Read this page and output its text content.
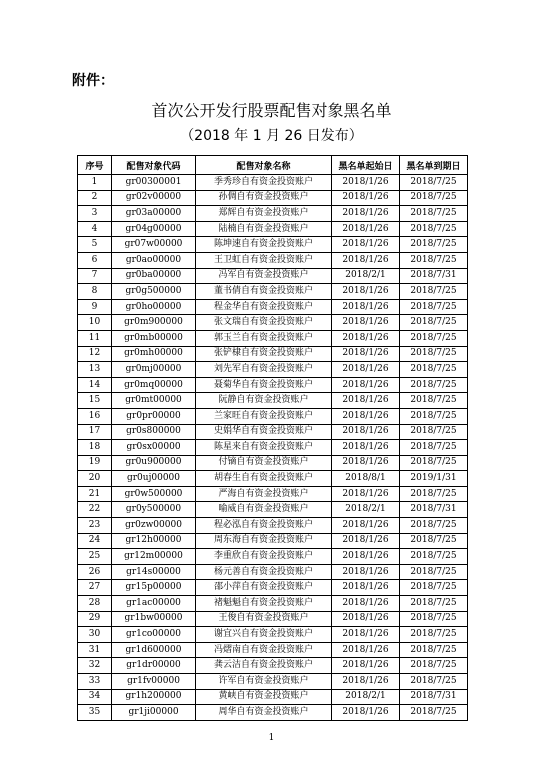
附件：
首次公开发行股票配售对象黑名单
（2018 年 1 月 26 日发布）
序号	配售对象代码	配售对象名称	黑名单起始日	黑名单到期日
1	gr00300001	季秀珍自有资金投资账户	2018/1/26	2018/7/25
2	gr02v00000	孙倜自有资金投资账户	2018/1/26	2018/7/25
3	gr03a00000	郑辉自有资金投资账户	2018/1/26	2018/7/25
4	gr04g00000	陆楠自有资金投资账户	2018/1/26	2018/7/25
5	gr07w00000	陈坤速自有资金投资账户	2018/1/26	2018/7/25
6	gr0ao00000	王卫虹自有资金投资账户	2018/1/26	2018/7/25
7	gr0ba00000	冯军自有资金投资账户	2018/2/1	2018/7/31
8	gr0g500000	董书倩自有资金投资账户	2018/1/26	2018/7/25
9	gr0ho00000	程金华自有资金投资账户	2018/1/26	2018/7/25
10	gr0m900000	张文瑞自有资金投资账户	2018/1/26	2018/7/25
11	gr0mb00000	郭玉兰自有资金投资账户	2018/1/26	2018/7/25
12	gr0mh00000	张铲棣自有资金投资账户	2018/1/26	2018/7/25
13	gr0mj00000	刘先军自有资金投资账户	2018/1/26	2018/7/25
14	gr0mq00000	聂菊华自有资金投资账户	2018/1/26	2018/7/25
15	gr0mt00000	阮静自有资金投资账户	2018/1/26	2018/7/25
16	gr0pr00000	兰家旺自有资金投资账户	2018/1/26	2018/7/25
17	gr0s800000	史娟华自有资金投资账户	2018/1/26	2018/7/25
18	gr0sx00000	陈星来自有资金投资账户	2018/1/26	2018/7/25
19	gr0u900000	付镝自有资金投资账户	2018/1/26	2018/7/25
20	gr0uj00000	胡春生自有资金投资账户	2018/8/1	2019/1/31
21	gr0w500000	严海自有资金投资账户	2018/1/26	2018/7/25
22	gr0y500000	喻威自有资金投资账户	2018/2/1	2018/7/31
23	gr0zw00000	程必泓自有资金投资账户	2018/1/26	2018/7/25
24	gr12h00000	周东海自有资金投资账户	2018/1/26	2018/7/25
25	gr12m00000	李重欣自有资金投资账户	2018/1/26	2018/7/25
26	gr14s00000	杨元善自有资金投资账户	2018/1/26	2018/7/25
27	gr15p00000	邵小萍自有资金投资账户	2018/1/26	2018/7/25
28	gr1ac00000	褚魁魁自有资金投资账户	2018/1/26	2018/7/25
29	gr1bw00000	王俊自有资金投资账户	2018/1/26	2018/7/25
30	gr1co00000	谢宜兴自有资金投资账户	2018/1/26	2018/7/25
31	gr1d600000	冯熠南自有资金投资账户	2018/1/26	2018/7/25
32	gr1dr00000	龚云洁自有资金投资账户	2018/1/26	2018/7/25
33	gr1fv00000	许军自有资金投资账户	2018/1/26	2018/7/25
34	gr1h200000	黄峡自有资金投资账户	2018/2/1	2018/7/31
35	gr1ji00000	周华自有资金投资账户	2018/1/26	2018/7/25
1
